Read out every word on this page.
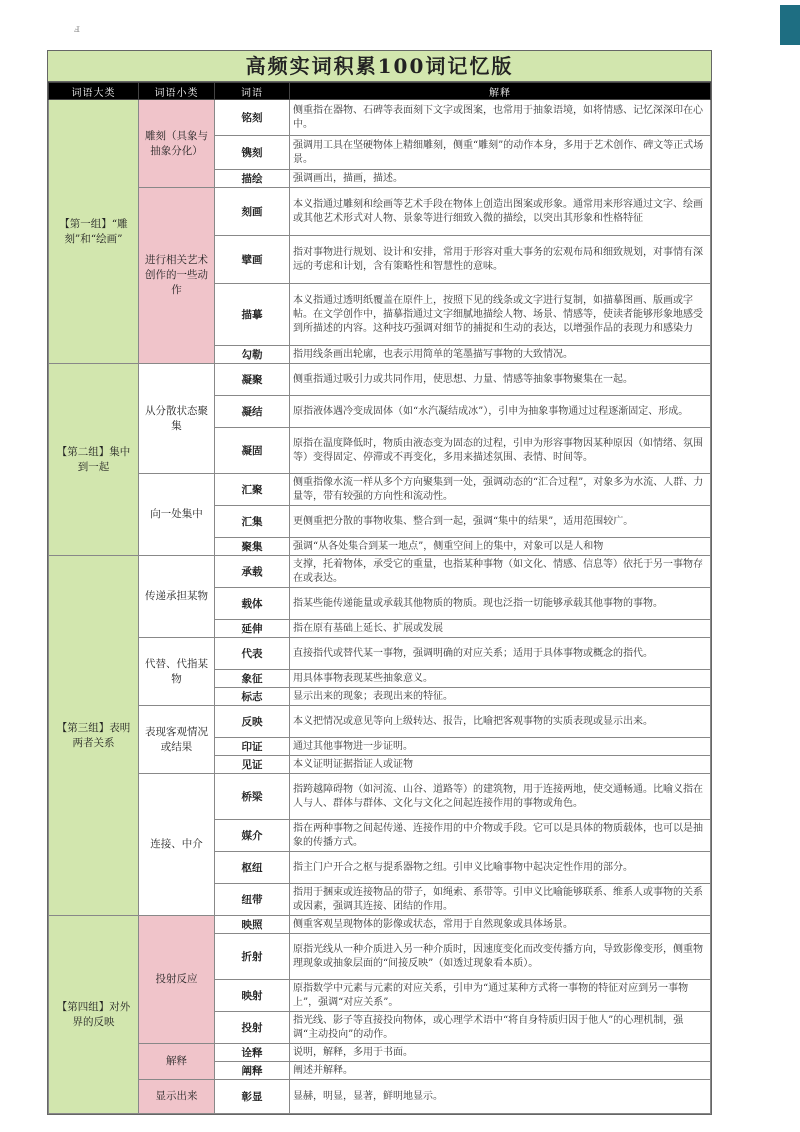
ⅎ
高频实词积累100词记忆版
词语大类	词语小类	词语	解释
【第一组】“雕刻”和“绘画”	雕刻（具象与抽象分化）	铭刻	侧重指在器物、石碑等表面刻下文字或图案，也常用于抽象语境，如将情感、记忆深深印在心中。
		镌刻	强调用工具在坚硬物体上精细雕刻，侧重“雕刻”的动作本身，多用于艺术创作、碑文等正式场景。
		描绘	强调画出，描画，描述。
	进行相关艺术创作的一些动作	刻画	本义指通过雕刻和绘画等艺术手段在物体上创造出图案或形象。通常用来形容通过文字、绘画或其他艺术形式对人物、景象等进行细致入微的描绘，以突出其形象和性格特征
		擘画	指对事物进行规划、设计和安排，常用于形容对重大事务的宏观布局和细致规划，对事情有深远的考虑和计划，含有策略性和智慧性的意味。
		描摹	本义指通过透明纸覆盖在原件上，按照下见的线条或文字进行复制，如描摹图画、版画或字帖。在文学创作中，描摹指通过文字细腻地描绘人物、场景、情感等，使读者能够形象地感受到所描述的内容。这种技巧强调对细节的捕捉和生动的表达，以增强作品的表现力和感染力
		勾勒	指用线条画出轮廓，也表示用简单的笔墨描写事物的大致情况。
【第二组】集中到一起	从分散状态聚集	凝聚	侧重指通过吸引力或共同作用，使思想、力量、情感等抽象事物聚集在一起。
		凝结	原指液体遇冷变成固体（如“水汽凝结成冰”），引申为抽象事物通过过程逐渐固定、形成。
		凝固	原指在温度降低时，物质由液态变为固态的过程，引申为形容事物因某种原因（如情绪、氛围等）变得固定、停滞或不再变化，多用来描述氛围、表情、时间等。
	向一处集中	汇聚	侧重指像水流一样从多个方向聚集到一处，强调动态的“汇合过程”，对象多为水流、人群、力量等，带有较强的方向性和流动性。
		汇集	更侧重把分散的事物收集、整合到一起，强调“集中的结果”，适用范围较广。
		聚集	强调“从各处集合到某一地点”，侧重空间上的集中，对象可以是人和物
【第三组】表明两者关系	传递承担某物	承载	支撑，托着物体，承受它的重量，也指某种事物（如文化、情感、信息等）依托于另一事物存在或表达。
		载体	指某些能传递能量或承载其他物质的物质。现也泛指一切能够承载其他事物的事物。
		延伸	指在原有基础上延长、扩展或发展
	代替、代指某物	代表	直接指代或替代某一事物，强调明确的对应关系；适用于具体事物或概念的指代。
		象征	用具体事物表现某些抽象意义。
		标志	显示出来的现象；表现出来的特征。
	表现客观情况或结果	反映	本义把情况或意见等向上级转达、报告，比喻把客观事物的实质表现或显示出来。
		印证	通过其他事物进一步证明。
		见证	本义证明证据指证人或证物
	连接、中介	桥梁	指跨越障碍物（如河流、山谷、道路等）的建筑物，用于连接两地，使交通畅通。比喻义指在人与人、群体与群体、文化与文化之间起连接作用的事物或角色。
		媒介	指在两种事物之间起传递、连接作用的中介物或手段。它可以是具体的物质载体，也可以是抽象的传播方式。
		枢纽	指主门户开合之枢与提系器物之纽。引申义比喻事物中起决定性作用的部分。
		纽带	指用于捆束或连接物品的带子，如绳索、系带等。引申义比喻能够联系、维系人或事物的关系或因素，强调其连接、团结的作用。
【第四组】对外界的反映	投射反应	映照	侧重客观呈现物体的影像或状态，常用于自然现象或具体场景。
		折射	原指光线从一种介质进入另一种介质时，因速度变化而改变传播方向，导致影像变形，侧重物理现象或抽象层面的“间接反映”（如透过现象看本质）。
		映射	原指数学中元素与元素的对应关系，引申为“通过某种方式将一事物的特征对应到另一事物上”，强调“对应关系”。
		投射	指光线、影子等直接投向物体，或心理学术语中“将自身特质归因于他人”的心理机制，强调“主动投向”的动作。
	解释	诠释	说明，解释，多用于书面。
		阐释	阐述并解释。
	显示出来	彰显	显赫，明显，显著，鲜明地显示。
